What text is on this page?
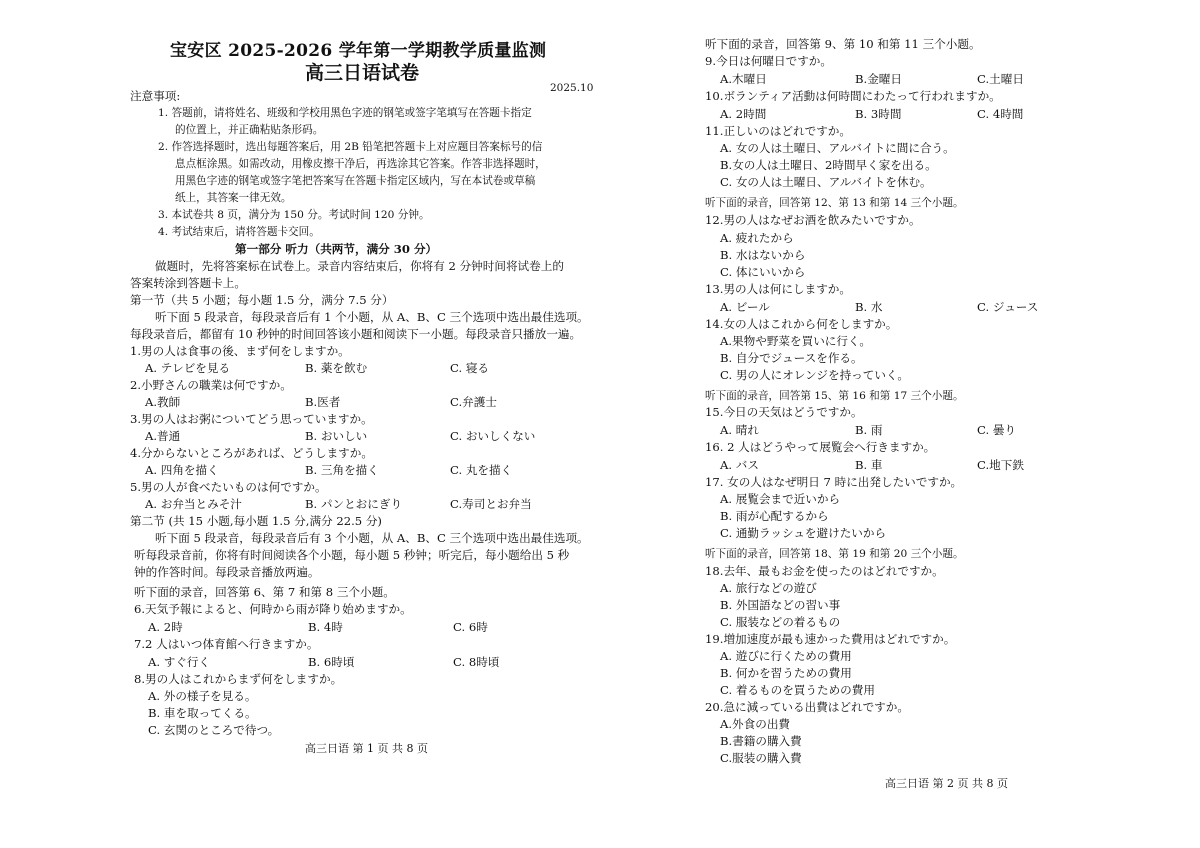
宝安区 2025-2026 学年第一学期教学质量监测
高三日语试卷
2025.10
注意事项:
1. 答题前，请将姓名、班级和学校用黑色字迹的钢笔或签字笔填写在答题卡指定
的位置上，并正确粘贴条形码。
2. 作答选择题时，选出每题答案后，用 2B 铅笔把答题卡上对应题目答案标号的信
息点框涂黑。如需改动，用橡皮擦干净后，再选涂其它答案。作答非选择题时，
用黑色字迹的钢笔或签字笔把答案写在答题卡指定区域内，写在本试卷或草稿
纸上，其答案一律无效。
3. 本试卷共 8 页，满分为 150 分。考试时间 120 分钟。
4. 考试结束后，请将答题卡交回。
第一部分 听力（共两节，满分 30 分）
做题时，先将答案标在试卷上。录音内容结束后，你将有 2 分钟时间将试卷上的
答案转涂到答题卡上。
第一节（共 5 小题；每小题 1.5 分，满分 7.5 分）
听下面 5 段录音，每段录音后有 1 个小题，从 A、B、C 三个选项中选出最佳选项。
每段录音后，都留有 10 秒钟的时间回答该小题和阅读下一小题。每段录音只播放一遍。
1.男の人は食事の後、まず何をしますか。
A. テレビを見る	B. 薬を飲む	C. 寝る
2.小野さんの職業は何ですか。
A.教師	B.医者	C.弁護士
3.男の人はお粥についてどう思っていますか。
A.普通	B. おいしい	C. おいしくない
4.分からないところがあれば、どうしますか。
A. 四角を描く	B. 三角を描く	C. 丸を描く
5.男の人が食べたいものは何ですか。
A. お弁当とみそ汁	B. パンとおにぎり	C.寿司とお弁当
第二节 (共 15 小题,每小题 1.5 分,满分 22.5 分)
听下面 5 段录音，每段录音后有 3 个小题，从 A、B、C 三个选项中选出最佳选项。
听每段录音前，你将有时间阅读各个小题，每小题 5 秒钟；听完后，每小题给出 5 秒
钟的作答时间。每段录音播放两遍。
听下面的录音，回答第 6、第 7 和第 8 三个小题。
6.天気予報によると、何時から雨が降り始めますか。
A. 2時	B. 4時	C. 6時
7.2 人はいつ体育館へ行きますか。
A. すぐ行く	B. 6時頃	C. 8時頃
8.男の人はこれからまず何をしますか。
A. 外の様子を見る。
B. 車を取ってくる。
C. 玄関のところで待つ。
高三日语 第 1 页 共 8 页
听下面的录音，回答第 9、第 10 和第 11 三个小题。
9.今日は何曜日ですか。
A.木曜日	B.金曜日	C.土曜日
10.ボランティア活動は何時間にわたって行われますか。
A. 2時間	B. 3時間	C. 4時間
11.正しいのはどれですか。
A. 女の人は土曜日、アルバイトに間に合う。
B.女の人は土曜日、2時間早く家を出る。
C. 女の人は土曜日、アルバイトを休む。
听下面的录音，回答第 12、第 13 和第 14 三个小题。
12.男の人はなぜお酒を飲みたいですか。
A. 疲れたから
B. 水はないから
C. 体にいいから
13.男の人は何にしますか。
A. ビール	B. 水	C. ジュース
14.女の人はこれから何をしますか。
A.果物や野菜を買いに行く。
B. 自分でジュースを作る。
C. 男の人にオレンジを持っていく。
听下面的录音，回答第 15、第 16 和第 17 三个小题。
15.今日の天気はどうですか。
A. 晴れ	B. 雨	C. 曇り
16. 2 人はどうやって展覧会へ行きますか。
A. バス	B. 車	C.地下鉄
17. 女の人はなぜ明日 7 時に出発したいですか。
A. 展覧会まで近いから
B. 雨が心配するから
C. 通勤ラッシュを避けたいから
听下面的录音，回答第 18、第 19 和第 20 三个小题。
18.去年、最もお金を使ったのはどれですか。
A. 旅行などの遊び
B. 外国語などの習い事
C. 服装などの着るもの
19.増加速度が最も速かった費用はどれですか。
A. 遊びに行くための費用
B. 何かを習うための費用
C. 着るものを買うための費用
20.急に減っている出費はどれですか。
A.外食の出費
B.書籍の購入費
C.服装の購入費
高三日语 第 2 页 共 8 页
